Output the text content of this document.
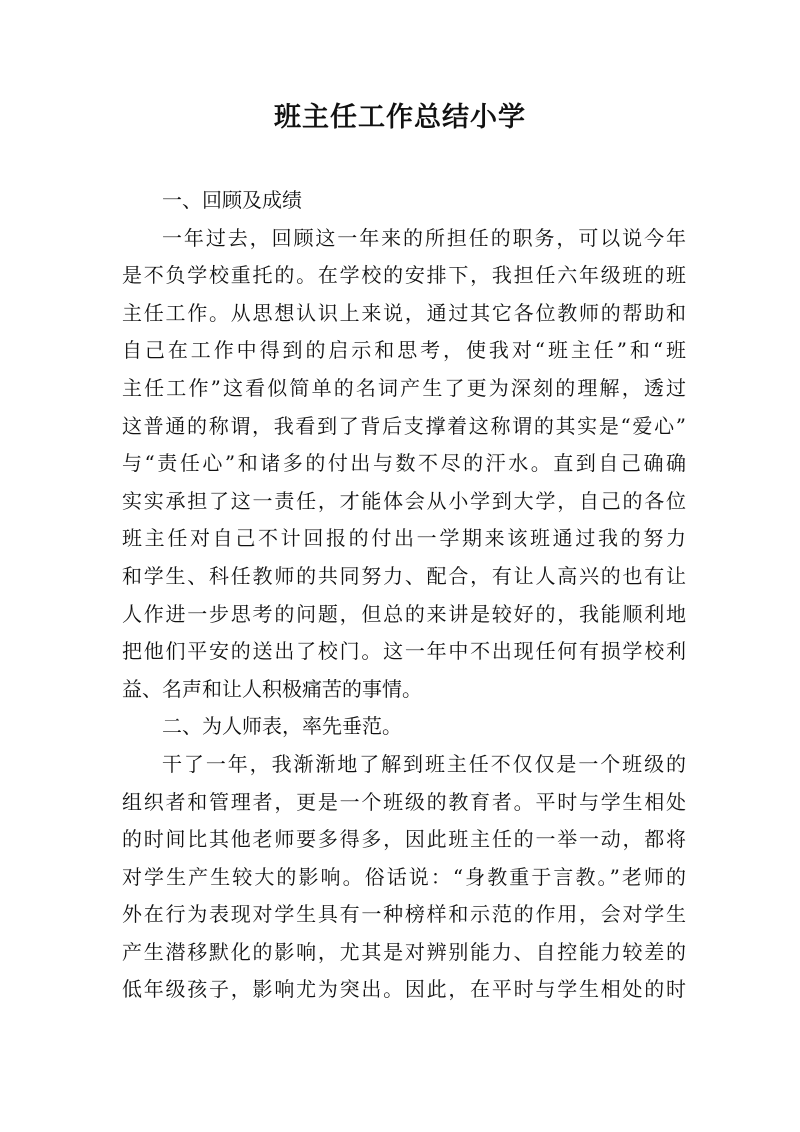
班主任工作总结小学
一、回顾及成绩
一年过去，回顾这一年来的所担任的职务，可以说今年
是不负学校重托的。在学校的安排下，我担任六年级班的班
主任工作。从思想认识上来说，通过其它各位教师的帮助和
自己在工作中得到的启示和思考，使我对“班主任”和“班
主任工作”这看似简单的名词产生了更为深刻的理解，透过
这普通的称谓，我看到了背后支撑着这称谓的其实是“爱心”
与“责任心”和诸多的付出与数不尽的汗水。直到自己确确
实实承担了这一责任，才能体会从小学到大学，自己的各位
班主任对自己不计回报的付出一学期来该班通过我的努力
和学生、科任教师的共同努力、配合，有让人高兴的也有让
人作进一步思考的问题，但总的来讲是较好的，我能顺利地
把他们平安的送出了校门。这一年中不出现任何有损学校利
益、名声和让人积极痛苦的事情。
二、为人师表，率先垂范。
干了一年，我渐渐地了解到班主任不仅仅是一个班级的
组织者和管理者，更是一个班级的教育者。平时与学生相处
的时间比其他老师要多得多，因此班主任的一举一动，都将
对学生产生较大的影响。俗话说：“身教重于言教。”老师的
外在行为表现对学生具有一种榜样和示范的作用，会对学生
产生潜移默化的影响，尤其是对辨别能力、自控能力较差的
低年级孩子，影响尤为突出。因此，在平时与学生相处的时
